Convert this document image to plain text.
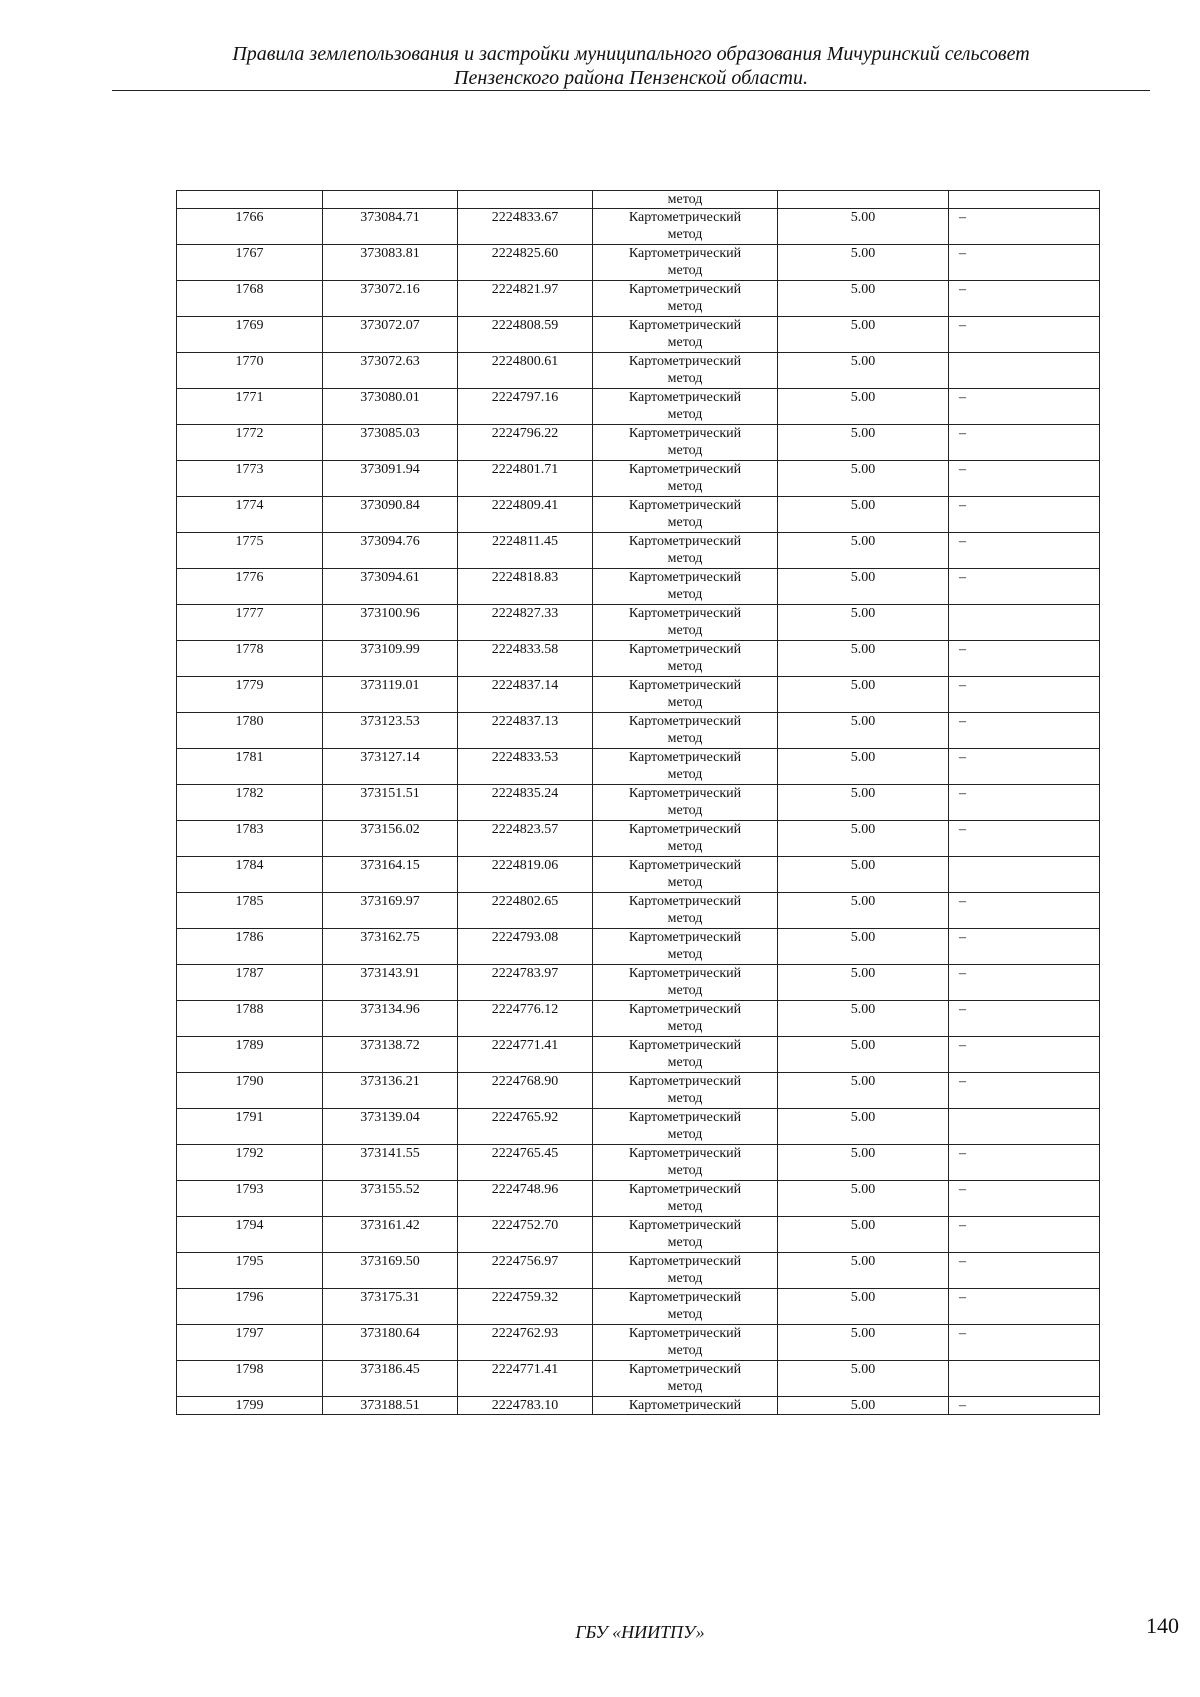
Правила землепользования и застройки муниципального образования Мичуринский сельсовет
Пензенского района Пензенской области.
			метод		
1766	373084.71	2224833.67	Картометрический
метод	5.00	–
1767	373083.81	2224825.60	Картометрический
метод	5.00	–
1768	373072.16	2224821.97	Картометрический
метод	5.00	–
1769	373072.07	2224808.59	Картометрический
метод	5.00	–
1770	373072.63	2224800.61	Картометрический
метод	5.00	
1771	373080.01	2224797.16	Картометрический
метод	5.00	–
1772	373085.03	2224796.22	Картометрический
метод	5.00	–
1773	373091.94	2224801.71	Картометрический
метод	5.00	–
1774	373090.84	2224809.41	Картометрический
метод	5.00	–
1775	373094.76	2224811.45	Картометрический
метод	5.00	–
1776	373094.61	2224818.83	Картометрический
метод	5.00	–
1777	373100.96	2224827.33	Картометрический
метод	5.00	
1778	373109.99	2224833.58	Картометрический
метод	5.00	–
1779	373119.01	2224837.14	Картометрический
метод	5.00	–
1780	373123.53	2224837.13	Картометрический
метод	5.00	–
1781	373127.14	2224833.53	Картометрический
метод	5.00	–
1782	373151.51	2224835.24	Картометрический
метод	5.00	–
1783	373156.02	2224823.57	Картометрический
метод	5.00	–
1784	373164.15	2224819.06	Картометрический
метод	5.00	
1785	373169.97	2224802.65	Картометрический
метод	5.00	–
1786	373162.75	2224793.08	Картометрический
метод	5.00	–
1787	373143.91	2224783.97	Картометрический
метод	5.00	–
1788	373134.96	2224776.12	Картометрический
метод	5.00	–
1789	373138.72	2224771.41	Картометрический
метод	5.00	–
1790	373136.21	2224768.90	Картометрический
метод	5.00	–
1791	373139.04	2224765.92	Картометрический
метод	5.00	
1792	373141.55	2224765.45	Картометрический
метод	5.00	–
1793	373155.52	2224748.96	Картометрический
метод	5.00	–
1794	373161.42	2224752.70	Картометрический
метод	5.00	–
1795	373169.50	2224756.97	Картометрический
метод	5.00	–
1796	373175.31	2224759.32	Картометрический
метод	5.00	–
1797	373180.64	2224762.93	Картометрический
метод	5.00	–
1798	373186.45	2224771.41	Картометрический
метод	5.00	
1799	373188.51	2224783.10	Картометрический	5.00	–
ГБУ «НИИТПУ»	140
